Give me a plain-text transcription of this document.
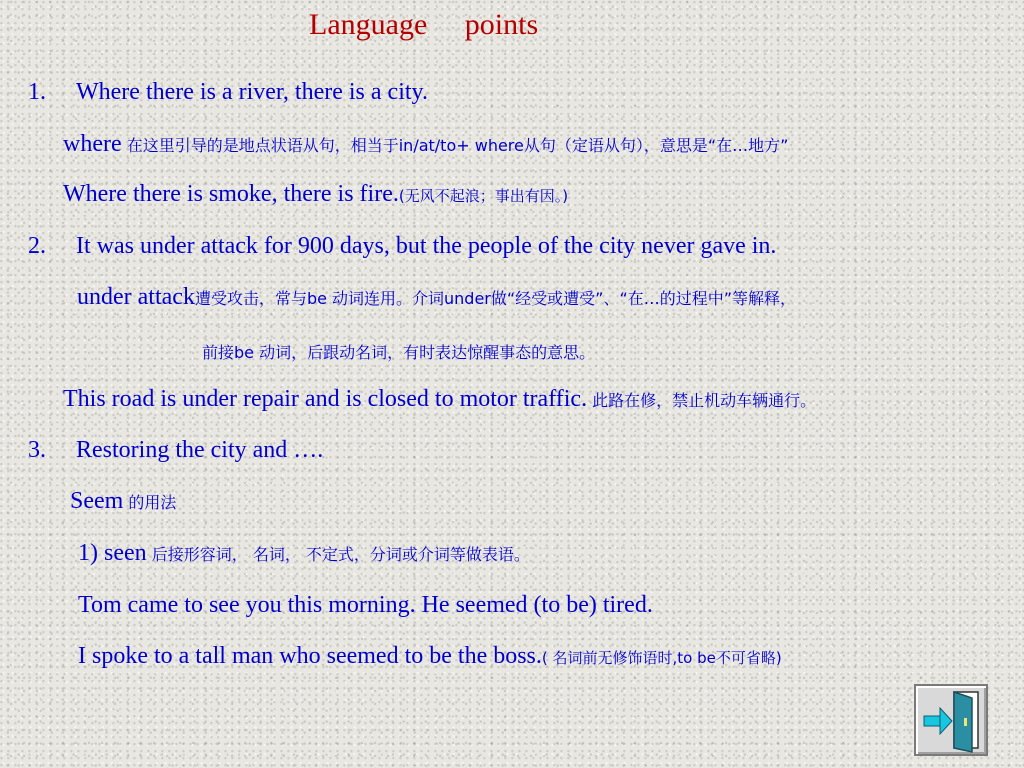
Language     points
1. Where there is a river, there is a city.
where 在这里引导的是地点状语从句，相当于in/at/to+ where从句（定语从句），意思是“在…地方”
Where there is smoke, there is fire.(无风不起浪；事出有因。)
2. It was under attack for 900 days, but the people of the city never gave in.
under attack遭受攻击，常与be 动词连用。介词under做“经受或遭受”、“在…的过程中”等解释，
前接be 动词，后跟动名词，有时表达惊醒事态的意思。
This road is under repair and is closed to motor traffic. 此路在修，禁止机动车辆通行。
3. Restoring the city and ….
Seem 的用法
1) seen 后接形容词， 名词， 不定式，分词或介词等做表语。
Tom came to see you this morning. He seemed (to be) tired.
I spoke to a tall man who seemed to be the boss.( 名词前无修饰语时,to be不可省略)
